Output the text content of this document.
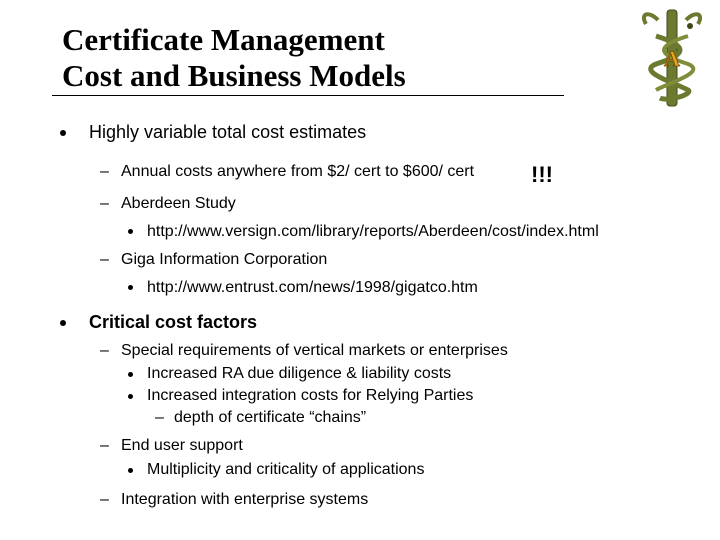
Certificate Management
Cost and Business Models	A
Highly variable total cost estimates
– Annual costs anywhere from $2/ cert to $600/ cert	!!!
– Aberdeen Study
http://www.versign.com/library/reports/Aberdeen/cost/index.html
– Giga Information Corporation
http://www.entrust.com/news/1998/gigatco.htm
Critical cost factors
– Special requirements of vertical markets or enterprises
Increased RA due diligence & liability costs
Increased integration costs for Relying Parties
– depth of certificate “chains”
– End user support
Multiplicity and criticality of applications
– Integration with enterprise systems
